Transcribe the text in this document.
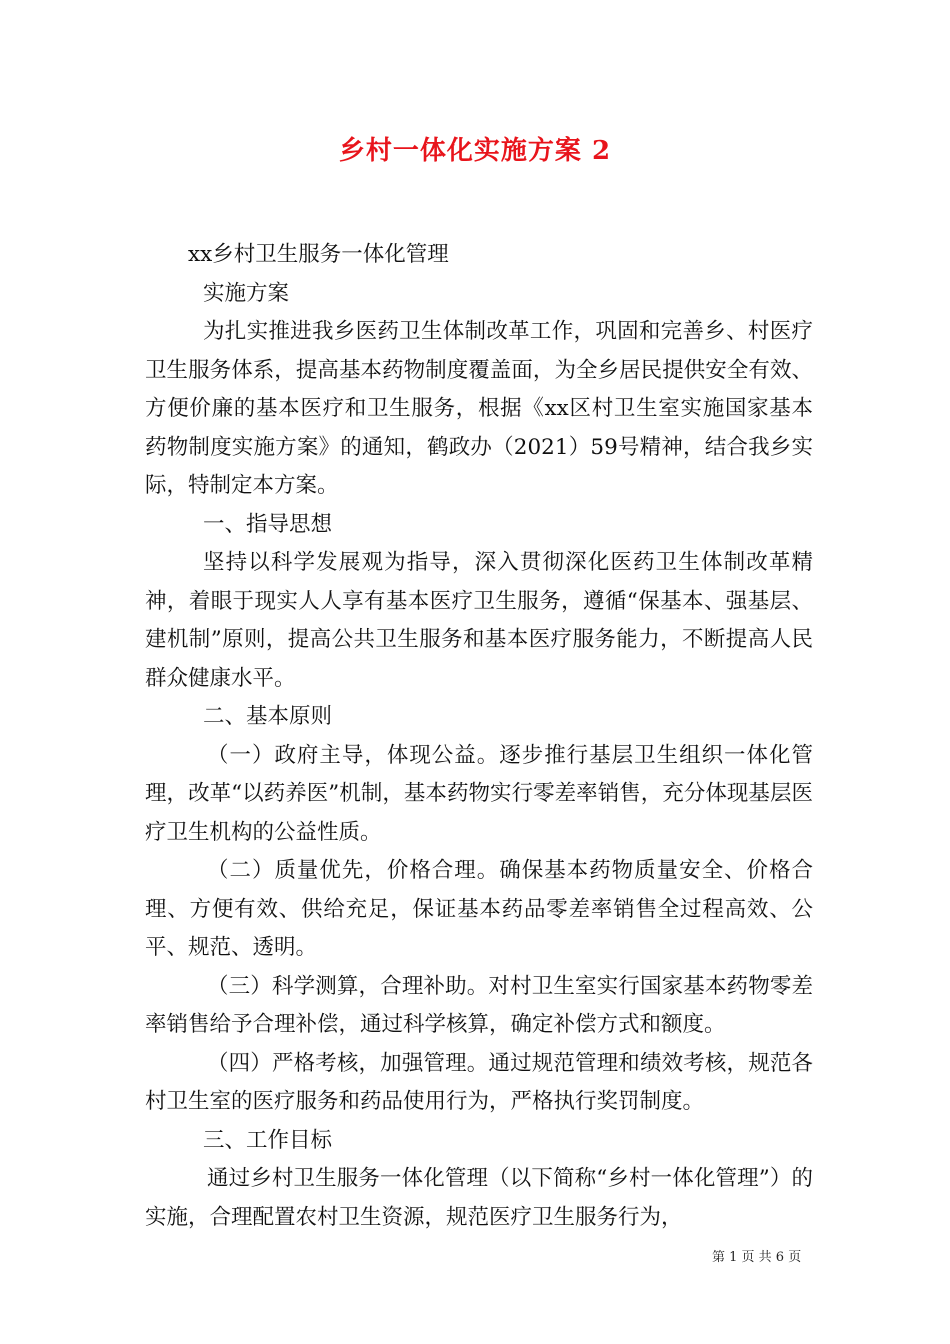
乡村一体化实施方案 2

xx乡村卫生服务一体化管理

实施方案

为扎实推进我乡医药卫生体制改革工作，巩固和完善乡、村医疗卫生服务体系，提高基本药物制度覆盖面，为全乡居民提供安全有效、方便价廉的基本医疗和卫生服务，根据《xx区村卫生室实施国家基本药物制度实施方案》的通知，鹤政办（2021）59号精神，结合我乡实际，特制定本方案。

一、指导思想

坚持以科学发展观为指导，深入贯彻深化医药卫生体制改革精神，着眼于现实人人享有基本医疗卫生服务，遵循“保基本、强基层、建机制”原则，提高公共卫生服务和基本医疗服务能力，不断提高人民群众健康水平。

二、基本原则

（一）政府主导，体现公益。逐步推行基层卫生组织一体化管理，改革“以药养医”机制，基本药物实行零差率销售，充分体现基层医疗卫生机构的公益性质。

（二）质量优先，价格合理。确保基本药物质量安全、价格合理、方便有效、供给充足，保证基本药品零差率销售全过程高效、公平、规范、透明。

（三）科学测算，合理补助。对村卫生室实行国家基本药物零差率销售给予合理补偿，通过科学核算，确定补偿方式和额度。

（四）严格考核，加强管理。通过规范管理和绩效考核，规范各村卫生室的医疗服务和药品使用行为，严格执行奖罚制度。

三、工作目标

通过乡村卫生服务一体化管理（以下简称“乡村一体化管理”）的实施，合理配置农村卫生资源，规范医疗卫生服务行为，

第 1 页 共 6 页
